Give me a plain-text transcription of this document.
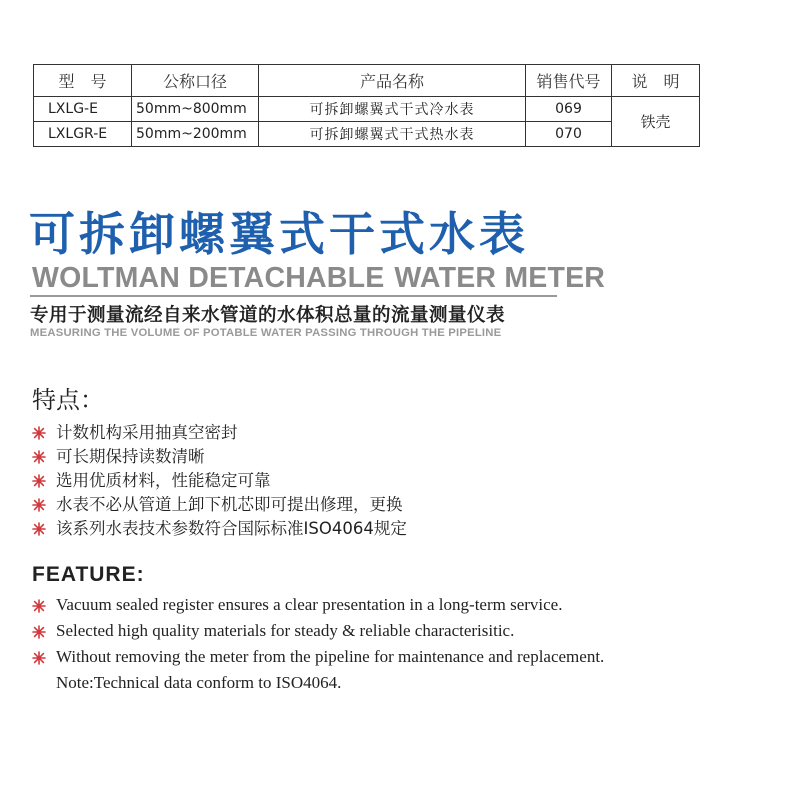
型　号	公称口径	产品名称	销售代号	说　明
LXLG-E	50mm~800mm	可拆卸螺翼式干式冷水表	069	铁壳
LXLGR-E	50mm~200mm	可拆卸螺翼式干式热水表	070	
可拆卸螺翼式干式水表
WOLTMAN DETACHABLE WATER METER
专用于测量流经自来水管道的水体积总量的流量测量仪表
MEASURING THE VOLUME OF POTABLE WATER PASSING THROUGH THE PIPELINE
特点：
计数机构采用抽真空密封
可长期保持读数清晰
选用优质材料，性能稳定可靠
水表不必从管道上卸下机芯即可提出修理，更换
该系列水表技术参数符合国际标准ISO4064规定
FEATURE:
Vacuum sealed register ensures a clear presentation in a long-term service.
Selected high quality materials for steady & reliable characterisitic.
Without removing the meter from the pipeline for maintenance and replacement.
Note:Technical data conform to ISO4064.
